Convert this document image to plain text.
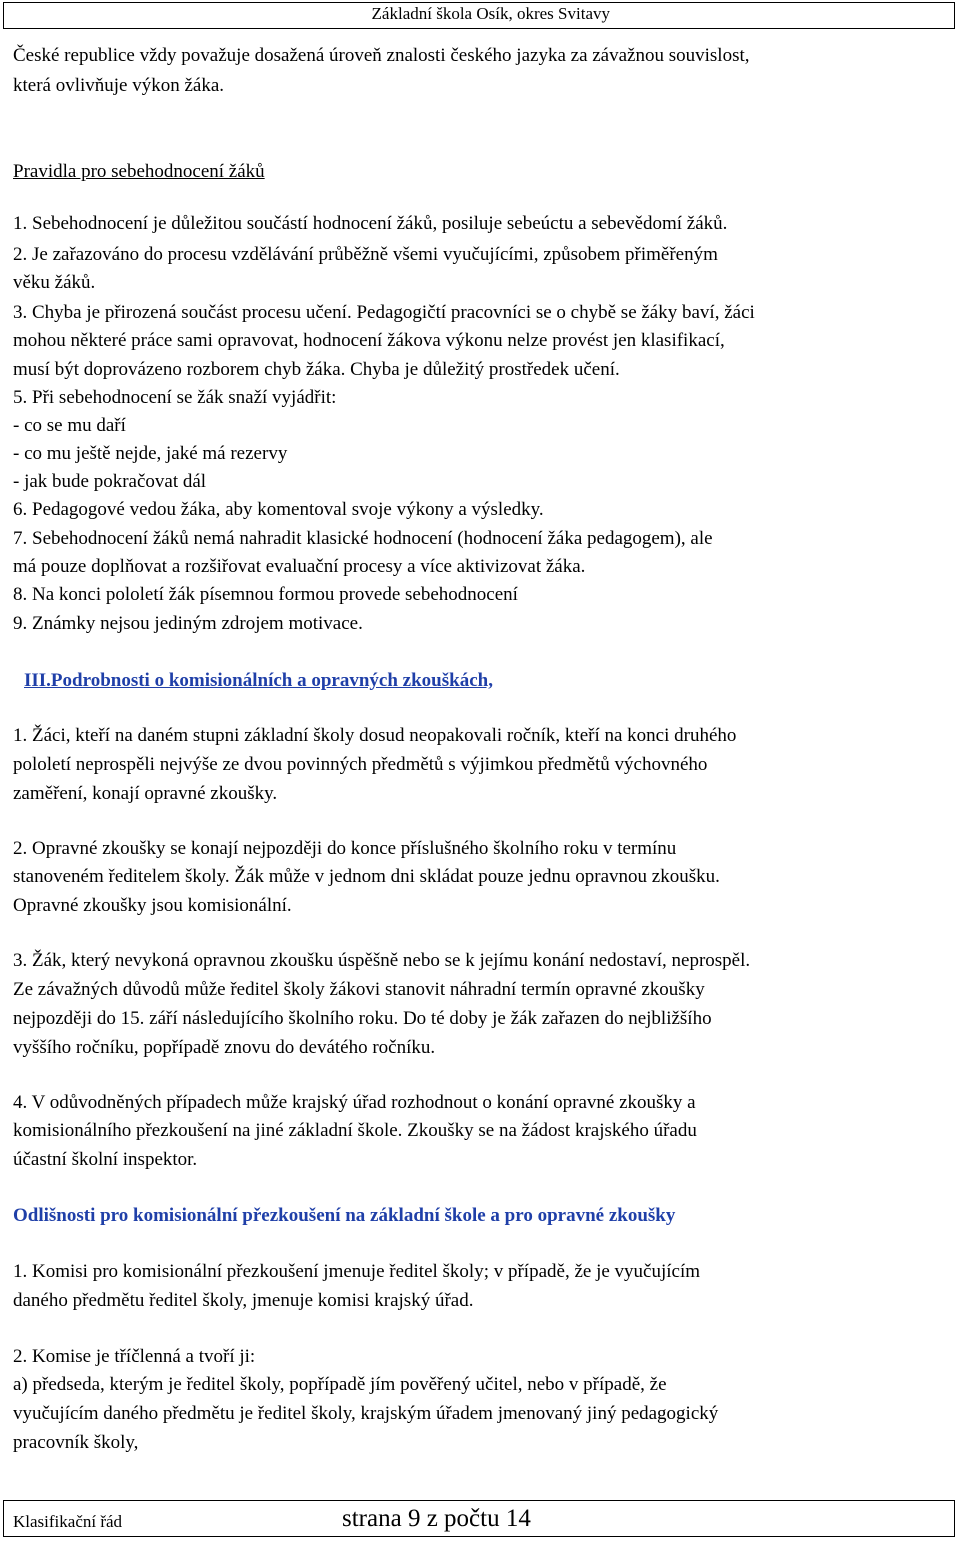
Základní škola Osík, okres Svitavy
České republice vždy považuje dosažená úroveň znalosti českého jazyka za závažnou souvislost,
která ovlivňuje výkon žáka.
Pravidla pro sebehodnocení žáků
1. Sebehodnocení je důležitou součástí hodnocení žáků, posiluje sebeúctu a sebevědomí žáků.
2. Je zařazováno do procesu vzdělávání průběžně všemi vyučujícími, způsobem přiměřeným
věku žáků.
3. Chyba je přirozená součást procesu učení. Pedagogičtí pracovníci se o chybě se žáky baví, žáci
mohou některé práce sami opravovat, hodnocení žákova výkonu nelze provést jen klasifikací,
musí být doprovázeno rozborem chyb žáka. Chyba je důležitý prostředek učení.
5. Při sebehodnocení se žák snaží vyjádřit:
- co se mu daří
- co mu ještě nejde, jaké má rezervy
- jak bude pokračovat dál
6. Pedagogové vedou žáka, aby komentoval svoje výkony a výsledky.
7. Sebehodnocení žáků nemá nahradit klasické hodnocení (hodnocení žáka pedagogem), ale
má pouze doplňovat a rozšiřovat evaluační procesy a více aktivizovat žáka.
8. Na konci pololetí žák písemnou formou provede sebehodnocení
9. Známky nejsou jediným zdrojem motivace.
III.Podrobnosti o komisionálních a opravných zkouškách,
1. Žáci, kteří na daném stupni základní školy dosud neopakovali ročník, kteří na konci druhého
pololetí neprospěli nejvýše ze dvou povinných předmětů s výjimkou předmětů výchovného
zaměření, konají opravné zkoušky.
2. Opravné zkoušky se konají nejpozději do konce příslušného školního roku v termínu
stanoveném ředitelem školy. Žák může v jednom dni skládat pouze jednu opravnou zkoušku.
Opravné zkoušky jsou komisionální.
3. Žák, který nevykoná opravnou zkoušku úspěšně nebo se k jejímu konání nedostaví, neprospěl.
Ze závažných důvodů může ředitel školy žákovi stanovit náhradní termín opravné zkoušky
nejpozději do 15. září následujícího školního roku. Do té doby je žák zařazen do nejbližšího
vyššího ročníku, popřípadě znovu do devátého ročníku.
4. V odůvodněných případech může krajský úřad rozhodnout o konání opravné zkoušky a
komisionálního přezkoušení na jiné základní škole. Zkoušky se na žádost krajského úřadu
účastní školní inspektor.
Odlišnosti pro komisionální přezkoušení na základní škole a pro opravné zkoušky
1. Komisi pro komisionální přezkoušení jmenuje ředitel školy; v případě, že je vyučujícím
daného předmětu ředitel školy, jmenuje komisi krajský úřad.
2. Komise je tříčlenná a tvoří ji:
a) předseda, kterým je ředitel školy, popřípadě jím pověřený učitel, nebo v případě, že
vyučujícím daného předmětu je ředitel školy, krajským úřadem jmenovaný jiný pedagogický
pracovník školy,
Klasifikační řád	strana 9 z počtu 14
